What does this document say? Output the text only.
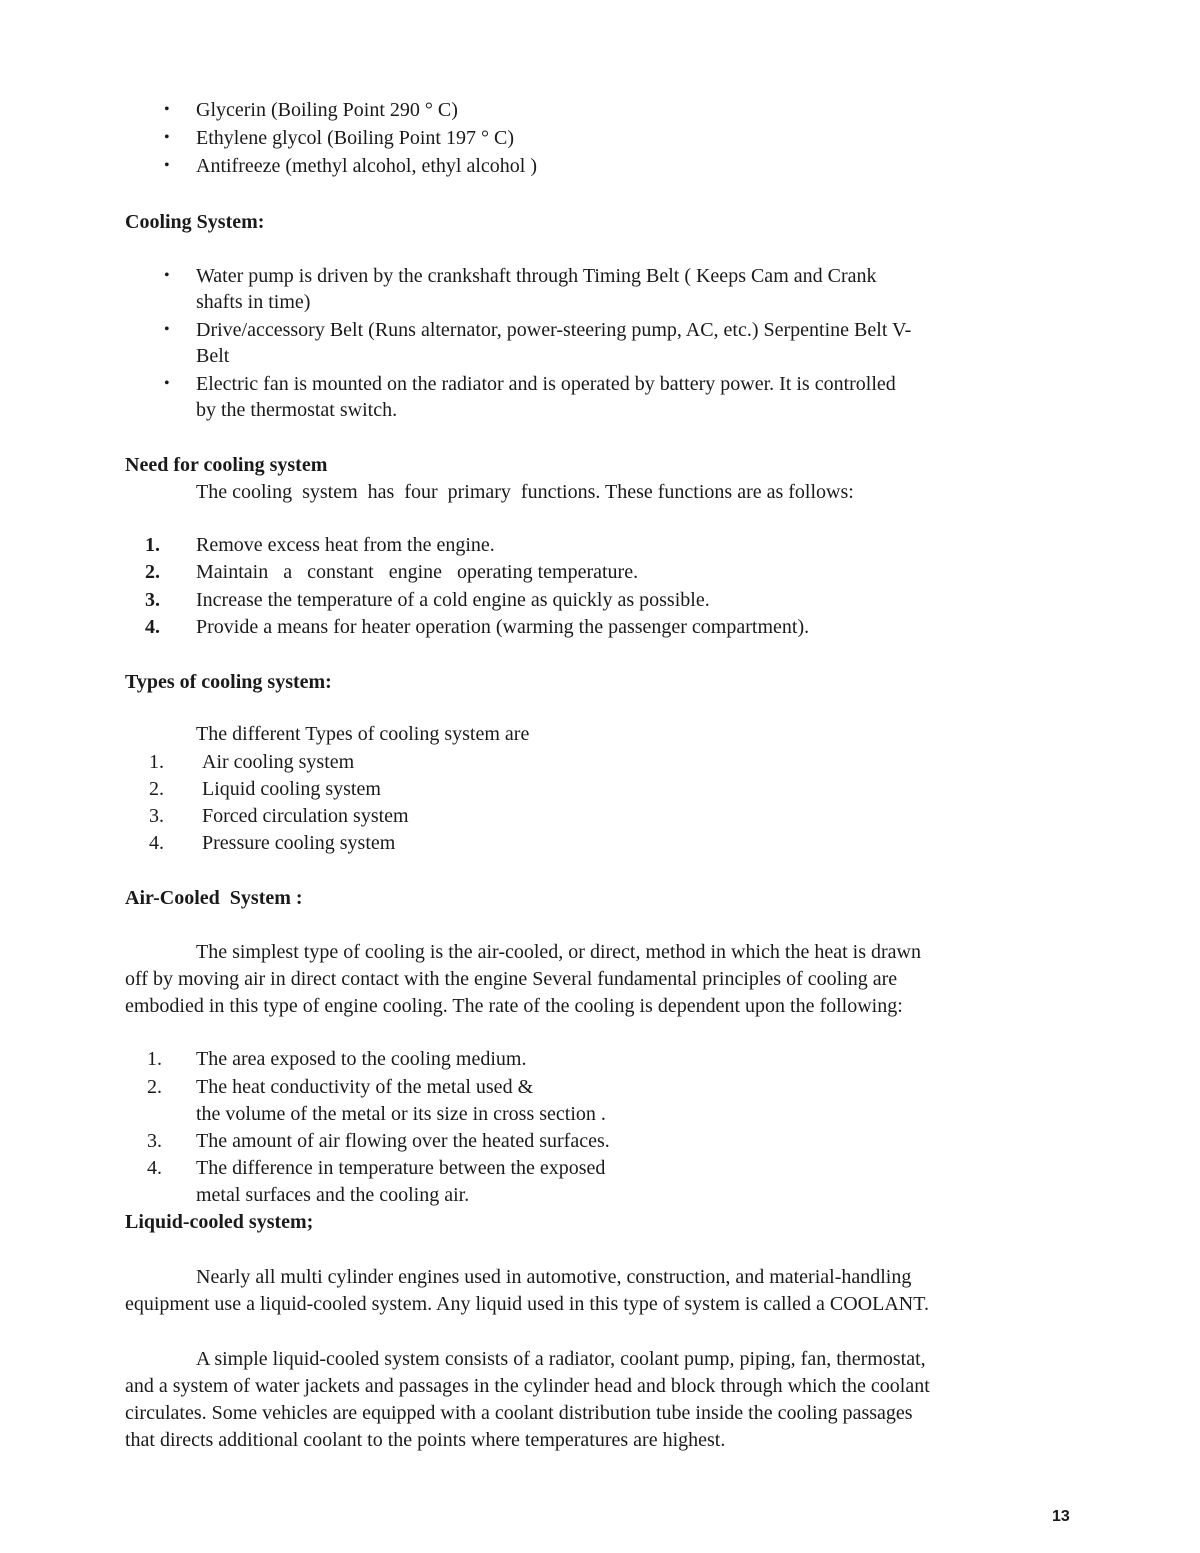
• Glycerin (Boiling Point 290 ° C)
• Ethylene glycol (Boiling Point 197 ° C)
• Antifreeze (methyl alcohol, ethyl alcohol )
Cooling System:
• Water pump is driven by the crankshaft through Timing Belt ( Keeps Cam and Crank
shafts in time)
• Drive/accessory Belt (Runs alternator, power-steering pump, AC, etc.) Serpentine Belt V-
Belt
• Electric fan is mounted on the radiator and is operated by battery power. It is controlled
by the thermostat switch.
Need for cooling system
The cooling  system  has  four  primary  functions. These functions are as follows:
1. Remove excess heat from the engine.
2. Maintain   a   constant   engine   operating temperature.
3. Increase the temperature of a cold engine as quickly as possible.
4. Provide a means for heater operation (warming the passenger compartment).
Types of cooling system:
The different Types of cooling system are
1. Air cooling system
2. Liquid cooling system
3. Forced circulation system
4. Pressure cooling system
Air-Cooled  System :
The simplest type of cooling is the air-cooled, or direct, method in which the heat is drawn
off by moving air in direct contact with the engine Several fundamental principles of cooling are
embodied in this type of engine cooling. The rate of the cooling is dependent upon the following:
1. The area exposed to the cooling medium.
2. The heat conductivity of the metal used &
the volume of the metal or its size in cross section .
3. The amount of air flowing over the heated surfaces.
4. The difference in temperature between the exposed
metal surfaces and the cooling air.
Liquid-cooled system;
Nearly all multi cylinder engines used in automotive, construction, and material-handling
equipment use a liquid-cooled system. Any liquid used in this type of system is called a COOLANT.
A simple liquid-cooled system consists of a radiator, coolant pump, piping, fan, thermostat,
and a system of water jackets and passages in the cylinder head and block through which the coolant
circulates. Some vehicles are equipped with a coolant distribution tube inside the cooling passages
that directs additional coolant to the points where temperatures are highest.
13
